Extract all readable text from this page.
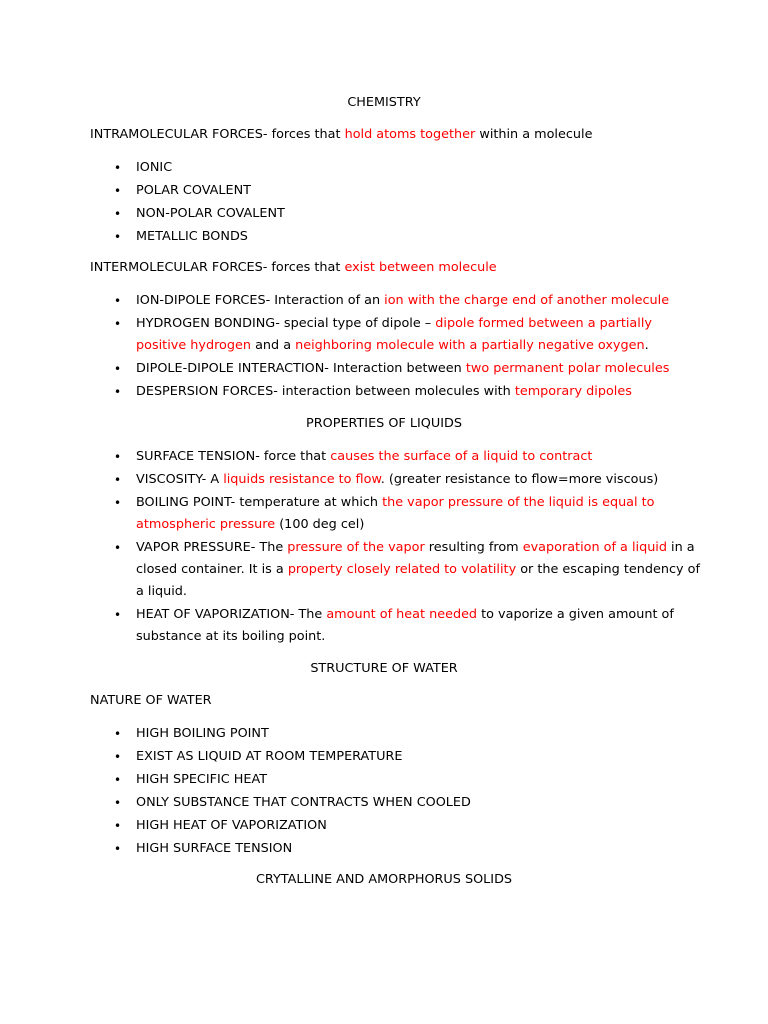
CHEMISTRY
INTRAMOLECULAR FORCES- forces that hold atoms together within a molecule
• IONIC
• POLAR COVALENT
• NON-POLAR COVALENT
• METALLIC BONDS
INTERMOLECULAR FORCES- forces that exist between molecule
• ION-DIPOLE FORCES- Interaction of an ion with the charge end of another molecule
• HYDROGEN BONDING- special type of dipole – dipole formed between a partially
positive hydrogen and a neighboring molecule with a partially negative oxygen.
• DIPOLE-DIPOLE INTERACTION- Interaction between two permanent polar molecules
• DESPERSION FORCES- interaction between molecules with temporary dipoles
PROPERTIES OF LIQUIDS
• SURFACE TENSION- force that causes the surface of a liquid to contract
• VISCOSITY- A liquids resistance to flow. (greater resistance to flow=more viscous)
• BOILING POINT- temperature at which the vapor pressure of the liquid is equal to
atmospheric pressure (100 deg cel)
• VAPOR PRESSURE- The pressure of the vapor resulting from evaporation of a liquid in a
closed container. It is a property closely related to volatility or the escaping tendency of
a liquid.
• HEAT OF VAPORIZATION- The amount of heat needed to vaporize a given amount of
substance at its boiling point.
STRUCTURE OF WATER
NATURE OF WATER
• HIGH BOILING POINT
• EXIST AS LIQUID AT ROOM TEMPERATURE
• HIGH SPECIFIC HEAT
• ONLY SUBSTANCE THAT CONTRACTS WHEN COOLED
• HIGH HEAT OF VAPORIZATION
• HIGH SURFACE TENSION
CRYTALLINE AND AMORPHORUS SOLIDS
